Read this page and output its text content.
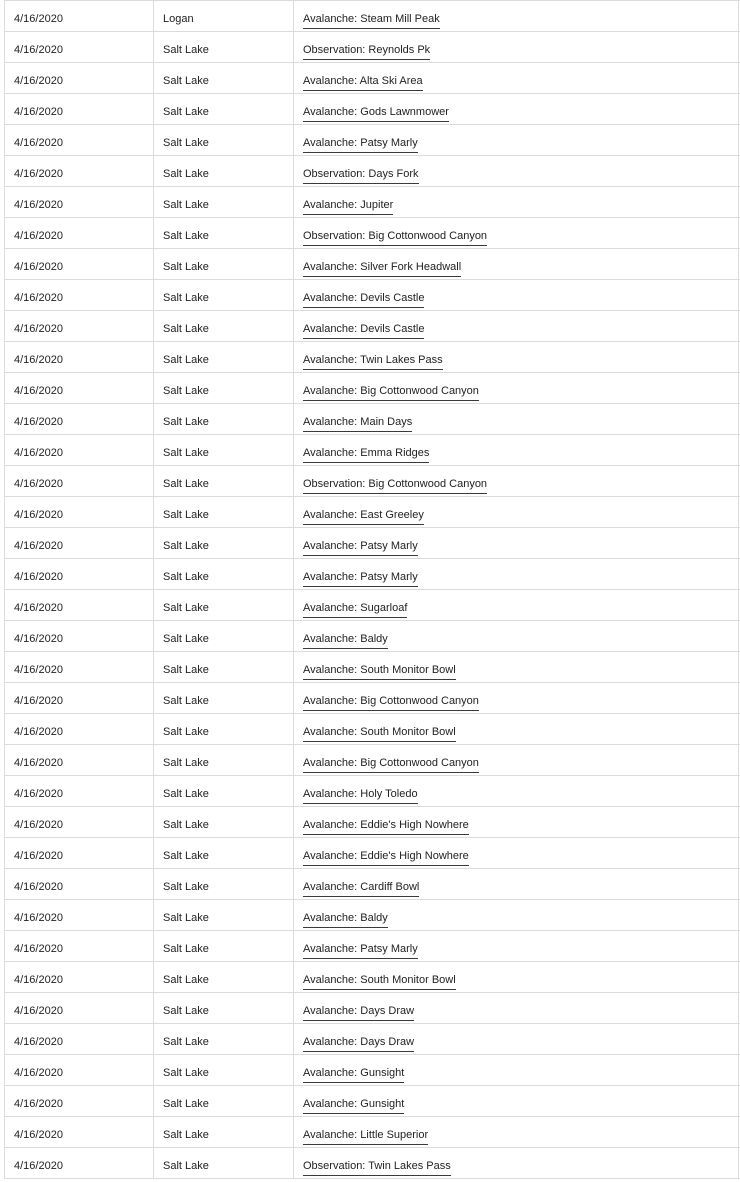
4/16/2020	Logan	Avalanche: Steam Mill Peak
4/16/2020	Salt Lake	Observation: Reynolds Pk
4/16/2020	Salt Lake	Avalanche: Alta Ski Area
4/16/2020	Salt Lake	Avalanche: Gods Lawnmower
4/16/2020	Salt Lake	Avalanche: Patsy Marly
4/16/2020	Salt Lake	Observation: Days Fork
4/16/2020	Salt Lake	Avalanche: Jupiter
4/16/2020	Salt Lake	Observation: Big Cottonwood Canyon
4/16/2020	Salt Lake	Avalanche: Silver Fork Headwall
4/16/2020	Salt Lake	Avalanche: Devils Castle
4/16/2020	Salt Lake	Avalanche: Devils Castle
4/16/2020	Salt Lake	Avalanche: Twin Lakes Pass
4/16/2020	Salt Lake	Avalanche: Big Cottonwood Canyon
4/16/2020	Salt Lake	Avalanche: Main Days
4/16/2020	Salt Lake	Avalanche: Emma Ridges
4/16/2020	Salt Lake	Observation: Big Cottonwood Canyon
4/16/2020	Salt Lake	Avalanche: East Greeley
4/16/2020	Salt Lake	Avalanche: Patsy Marly
4/16/2020	Salt Lake	Avalanche: Patsy Marly
4/16/2020	Salt Lake	Avalanche: Sugarloaf
4/16/2020	Salt Lake	Avalanche: Baldy
4/16/2020	Salt Lake	Avalanche: South Monitor Bowl
4/16/2020	Salt Lake	Avalanche: Big Cottonwood Canyon
4/16/2020	Salt Lake	Avalanche: South Monitor Bowl
4/16/2020	Salt Lake	Avalanche: Big Cottonwood Canyon
4/16/2020	Salt Lake	Avalanche: Holy Toledo
4/16/2020	Salt Lake	Avalanche: Eddie's High Nowhere
4/16/2020	Salt Lake	Avalanche: Eddie's High Nowhere
4/16/2020	Salt Lake	Avalanche: Cardiff Bowl
4/16/2020	Salt Lake	Avalanche: Baldy
4/16/2020	Salt Lake	Avalanche: Patsy Marly
4/16/2020	Salt Lake	Avalanche: South Monitor Bowl
4/16/2020	Salt Lake	Avalanche: Days Draw
4/16/2020	Salt Lake	Avalanche: Days Draw
4/16/2020	Salt Lake	Avalanche: Gunsight
4/16/2020	Salt Lake	Avalanche: Gunsight
4/16/2020	Salt Lake	Avalanche: Little Superior
4/16/2020	Salt Lake	Observation: Twin Lakes Pass
